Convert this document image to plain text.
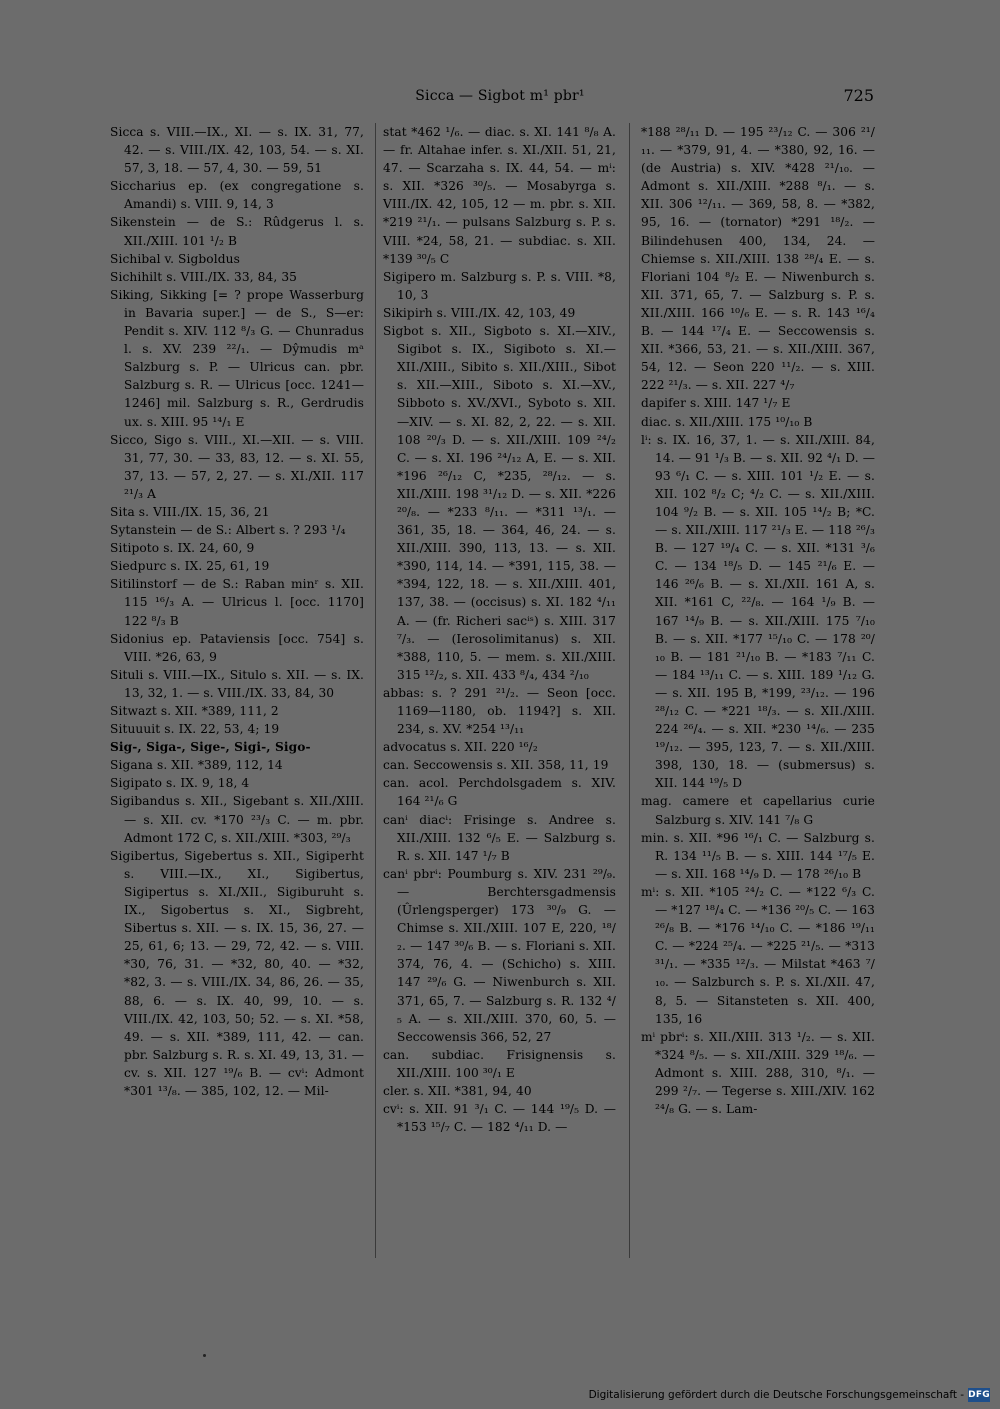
Sicca — Sigbot m¹ pbr¹	725

Sicca s. VIII.—IX., XI. — s. IX. 31, 77, 42. — s. VIII./IX. 42, 103, 54. — s. XI. 57, 3, 18. — 57, 4, 30. — 59, 51

Siccharius ep. (ex congregatione s. Amandi) s. VIII. 9, 14, 3

Sikenstein — de S.: Rûdgerus l. s. XII./XIII. 101 ¹/₂ B

Sichibal v. Sigboldus

Sichihilt s. VIII./IX. 33, 84, 35

Siking, Sikking [= ? prope Wasserburg in Bavaria super.] — de S., S—er: Pendit s. XIV. 112 ⁸/₃ G. — Chunradus l. s. XV. 239 ²²/₁. — Dŷmudis mᵃ Salzburg s. P. — Ulricus can. pbr. Salzburg s. R. — Ulricus [occ. 1241—1246] mil. Salzburg s. R., Gerdrudis ux. s. XIII. 95 ¹⁴/₁ E

Sicco, Sigo s. VIII., XI.—XII. — s. VIII. 31, 77, 30. — 33, 83, 12. — s. XI. 55, 37, 13. — 57, 2, 27. — s. XI./XII. 117 ²¹/₃ A

Sita s. VIII./IX. 15, 36, 21

Sytanstein — de S.: Albert s. ? 293 ¹/₄

Sitipoto s. IX. 24, 60, 9

Siedpurc s. IX. 25, 61, 19

Sitilinstorf — de S.: Raban minʳ s. XII. 115 ¹⁶/₃ A. — Ulricus l. [occ. 1170] 122 ⁸/₃ B

Sidonius ep. Pataviensis [occ. 754] s. VIII. *26, 63, 9

Situli s. VIII.—IX., Situlo s. XII. — s. IX. 13, 32, 1. — s. VIII./IX. 33, 84, 30

Sitwazt s. XII. *389, 111, 2

Situuuit s. IX. 22, 53, 4; 19

Sig-, Siga-, Sige-, Sigi-, Sigo-

Sigana s. XII. *389, 112, 14

Sigipato s. IX. 9, 18, 4

Sigibandus s. XII., Sigebant s. XII./XIII. — s. XII. cv. *170 ²³/₃ C. — m. pbr. Admont 172 C, s. XII./XIII. *303, ²⁹/₃

Sigibertus, Sigebertus s. XII., Sigiperht s. VIII.—IX., XI., Sigibertus, Sigipertus s. XI./XII., Sigiburuht s. IX., Sigobertus s. XI., Sigbreht, Sibertus s. XII. — s. IX. 15, 36, 27. — 25, 61, 6; 13. — 29, 72, 42. — s. VIII. *30, 76, 31. — *32, 80, 40. — *32, *82, 3. — s. VIII./IX. 34, 86, 26. — 35, 88, 6. — s. IX. 40, 99, 10. — s. VIII./IX. 42, 103, 50; 52. — s. XI. *58, 49. — s. XII. *389, 111, 42. — can. pbr. Salzburg s. R. s. XI. 49, 13, 31. — cv. s. XII. 127 ¹⁹/₆ B. — cvⁱ: Admont *301 ¹³/₈. — 385, 102, 12. — Mil-

stat *462 ¹/₆. — diac. s. XI. 141 ⁸/₈ A. — fr. Altahae infer. s. XI./XII. 51, 21, 47. — Scarzaha s. IX. 44, 54. — mⁱ: s. XII. *326 ³⁰/₅. — Mosabyrga s. VIII./IX. 42, 105, 12 — m. pbr. s. XII. *219 ²¹/₁. — pulsans Salzburg s. P. s. VIII. *24, 58, 21. — subdiac. s. XII. *139 ³⁰/₅ C

Sigipero m. Salzburg s. P. s. VIII. *8, 10, 3

Sikipirh s. VIII./IX. 42, 103, 49

Sigbot s. XII., Sigboto s. XI.—XIV., Sigibot s. IX., Sigiboto s. XI.—XII./XIII., Sibito s. XII./XIII., Sibot s. XII.—XIII., Siboto s. XI.—XV., Sibboto s. XV./XVI., Syboto s. XII.—XIV. — s. XI. 82, 2, 22. — s. XII. 108 ²⁰/₃ D. — s. XII./XIII. 109 ²⁴/₂ C. — s. XI. 196 ²⁴/₁₂ A, E. — s. XII. *196 ²⁶/₁₂ C, *235, ²⁸/₁₂. — s. XII./XIII. 198 ³¹/₁₂ D. — s. XII. *226 ²⁰/₈. — *233 ⁸/₁₁. — *311 ¹³/₁. — 361, 35, 18. — 364, 46, 24. — s. XII./XIII. 390, 113, 13. — s. XII. *390, 114, 14. — *391, 115, 38. — *394, 122, 18. — s. XII./XIII. 401, 137, 38. — (occisus) s. XI. 182 ⁴/₁₁ A. — (fr. Richeri sacⁱˢ) s. XIII. 317 ⁷/₃. — (Ierosolimitanus) s. XII. *388, 110, 5. — mem. s. XII./XIII. 315 ¹²/₂, s. XII. 433 ⁸/₄, 434 ²/₁₀

abbas: s. ? 291 ²¹/₂. — Seon [occ. 1169—1180, ob. 1194?] s. XII. 234, s. XV. *254 ¹³/₁₁

advocatus s. XII. 220 ¹⁶/₂

can. Seccowensis s. XII. 358, 11, 19

can. acol. Perchdolsgadem s. XIV. 164 ²¹/₆ G

canⁱ diacⁱ: Frisinge s. Andree s. XII./XIII. 132 ⁶/₅ E. — Salzburg s. R. s. XII. 147 ¹/₇ B

canⁱ pbrⁱ: Poumburg s. XIV. 231 ²⁹/₉. — Berchtersgadmensis (Ûrlengsperger) 173 ³⁰/₉ G. — Chimse s. XII./XIII. 107 E, 220, ¹⁸/₂. — 147 ³⁰/₆ B. — s. Floriani s. XII. 374, 76, 4. — (Schicho) s. XIII. 147 ²⁹/₆ G. — Niwenburch s. XII. 371, 65, 7. — Salzburg s. R. 132 ⁴/₅ A. — s. XII./XIII. 370, 60, 5. — Seccowensis 366, 52, 27

can. subdiac. Frisignensis s. XII./XIII. 100 ³⁰/₁ E

cler. s. XII. *381, 94, 40

cvⁱ: s. XII. 91 ³/₁ C. — 144 ¹⁹/₅ D. — *153 ¹⁵/₇ C. — 182 ⁴/₁₁ D. —

*188 ²⁸/₁₁ D. — 195 ²³/₁₂ C. — 306 ²¹/₁₁. — *379, 91, 4. — *380, 92, 16. — (de Austria) s. XIV. *428 ²¹/₁₀. — Admont s. XII./XIII. *288 ⁸/₁. — s. XII. 306 ¹²/₁₁. — 369, 58, 8. — *382, 95, 16. — (tornator) *291 ¹⁸/₂. — Bilindehusen 400, 134, 24. — Chiemse s. XII./XIII. 138 ²⁸/₄ E. — s. Floriani 104 ⁸/₂ E. — Niwenburch s. XII. 371, 65, 7. — Salzburg s. P. s. XII./XIII. 166 ¹⁰/₆ E. — s. R. 143 ¹⁶/₄ B. — 144 ¹⁷/₄ E. — Seccowensis s. XII. *366, 53, 21. — s. XII./XIII. 367, 54, 12. — Seon 220 ¹¹/₂. — s. XIII. 222 ²¹/₃. — s. XII. 227 ⁴/₇

dapifer s. XIII. 147 ¹/₇ E

diac. s. XII./XIII. 175 ¹⁰/₁₀ B

lⁱ: s. IX. 16, 37, 1. — s. XII./XIII. 84, 14. — 91 ¹/₃ B. — s. XII. 92 ⁴/₁ D. — 93 ⁶/₁ C. — s. XIII. 101 ¹/₂ E. — s. XII. 102 ⁸/₂ C; ⁴/₂ C. — s. XII./XIII. 104 ⁹/₂ B. — s. XII. 105 ¹⁴/₂ B; *C. — s. XII./XIII. 117 ²¹/₃ E. — 118 ²⁶/₃ B. — 127 ¹⁹/₄ C. — s. XII. *131 ³/₆ C. — 134 ¹⁸/₅ D. — 145 ²¹/₆ E. — 146 ²⁶/₆ B. — s. XI./XII. 161 A, s. XII. *161 C, ²²/₈. — 164 ¹/₉ B. — 167 ¹⁴/₉ B. — s. XII./XIII. 175 ⁷/₁₀ B. — s. XII. *177 ¹⁵/₁₀ C. — 178 ²⁰/₁₀ B. — 181 ²¹/₁₀ B. — *183 ⁷/₁₁ C. — 184 ¹³/₁₁ C. — s. XIII. 189 ¹/₁₂ G. — s. XII. 195 B, *199, ²³/₁₂. — 196 ²⁸/₁₂ C. — *221 ¹⁸/₃. — s. XII./XIII. 224 ²⁶/₄. — s. XII. *230 ¹⁴/₆. — 235 ¹⁹/₁₂. — 395, 123, 7. — s. XII./XIII. 398, 130, 18. — (submersus) s. XII. 144 ¹⁹/₅ D

mag. camere et capellarius curie Salzburg s. XIV. 141 ⁷/₈ G

min. s. XII. *96 ¹⁶/₁ C. — Salzburg s. R. 134 ¹¹/₅ B. — s. XIII. 144 ¹⁷/₅ E. — s. XII. 168 ¹⁴/₉ D. — 178 ²⁶/₁₀ B

mⁱ: s. XII. *105 ²⁴/₂ C. — *122 ⁶/₃ C. — *127 ¹⁸/₄ C. — *136 ²⁰/₅ C. — 163 ²⁶/₈ B. — *176 ¹⁴/₁₀ C. — *186 ¹⁹/₁₁ C. — *224 ²⁵/₄. — *225 ²¹/₅. — *313 ³¹/₁. — *335 ¹²/₃. — Milstat *463 ⁷/₁₀. — Salzburch s. P. s. XI./XII. 47, 8, 5. — Sitansteten s. XII. 400, 135, 16

mⁱ pbrⁱ: s. XII./XIII. 313 ¹/₂. — s. XII. *324 ⁸/₅. — s. XII./XIII. 329 ¹⁸/₆. — Admont s. XIII. 288, 310, ⁸/₁. — 299 ²/₇. — Tegerse s. XIII./XIV. 162 ²⁴/₈ G. — s. Lam-

Digitalisierung gefördert durch die Deutsche Forschungsgemeinschaft - DFG
